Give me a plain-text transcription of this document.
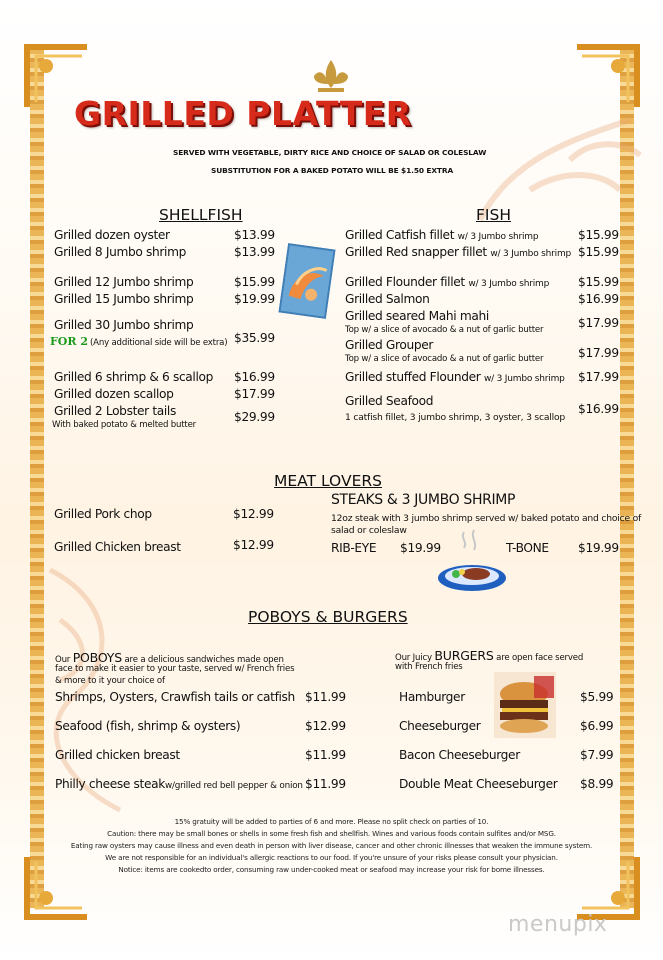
GRILLED PLATTER
SERVED WITH VEGETABLE, DIRTY RICE AND CHOICE OF SALAD OR COLESLAW
SUBSTITUTION FOR A BAKED POTATO WILL BE $1.50 EXTRA
SHELLFISH
Grilled dozen oyster	$13.99
Grilled 8 Jumbo shrimp	$13.99
Grilled 12 Jumbo shrimp	$15.99
Grilled 15 Jumbo shrimp	$19.99
Grilled 30 Jumbo shrimp
FOR 2 (Any additional side will be extra) $35.99
Grilled 6 shrimp & 6 scallop $16.99
Grilled dozen scallop	$17.99
Grilled 2 Lobster tails
With baked potato & melted butter
$29.99
FISH
Grilled Catfish fillet w/ 3 Jumbo shrimp	$15.99
Grilled Red snapper fillet w/ 3 Jumbo shrimp $15.99
Grilled Flounder fillet w/ 3 Jumbo shrimp $15.99
Grilled Salmon	$16.99
Grilled seared Mahi mahi
Top w/ a slice of avocado & a nut of garlic butter	$17.99
Grilled Grouper
Top w/ a slice of avocado & a nut of garlic butter	$17.99
Grilled stuffed Flounder w/ 3 Jumbo shrimp $17.99
Grilled Seafood
1 catfish fillet, 3 jumbo shrimp, 3 oyster, 3 scallop
$16.99
MEAT LOVERS
Grilled Pork chop	$12.99
Grilled Chicken breast	$12.99
STEAKS & 3 JUMBO SHRIMP
12oz steak with 3 jumbo shrimp served w/ baked potato and choice of
salad or coleslaw
RIB-EYE $19.99	T-BONE $19.99
POBOYS & BURGERS
Our POBOYS are a delicious sandwiches made open
face to make it easier to your taste, served w/ French fries
& more to it your choice of
Shrimps, Oysters, Crawfish tails or catfish $11.99
Seafood (fish, shrimp & oysters)	$12.99
Grilled chicken breast	$11.99
Philly cheese steakw/grilled red bell pepper & onion $11.99
Our Juicy BURGERS are open face served
with French fries
Hamburger	$5.99
Cheeseburger	$6.99
Bacon Cheeseburger	$7.99
Double Meat Cheeseburger $8.99
15% gratuity will be added to parties of 6 and more. Please no split check on parties of 10.
Caution: there may be small bones or shells in some fresh fish and shellfish. Wines and various foods contain sulfites and/or MSG.
Eating raw oysters may cause illness and even death in person with liver disease, cancer and other chronic illnesses that weaken the immune system.
We are not responsible for an individual's allergic reactions to our food. If you're unsure of your risks please consult your physician.
Notice: items are cookedto order, consuming raw under-cooked meat or seafood may increase your risk for bome illnesses.
menupix
